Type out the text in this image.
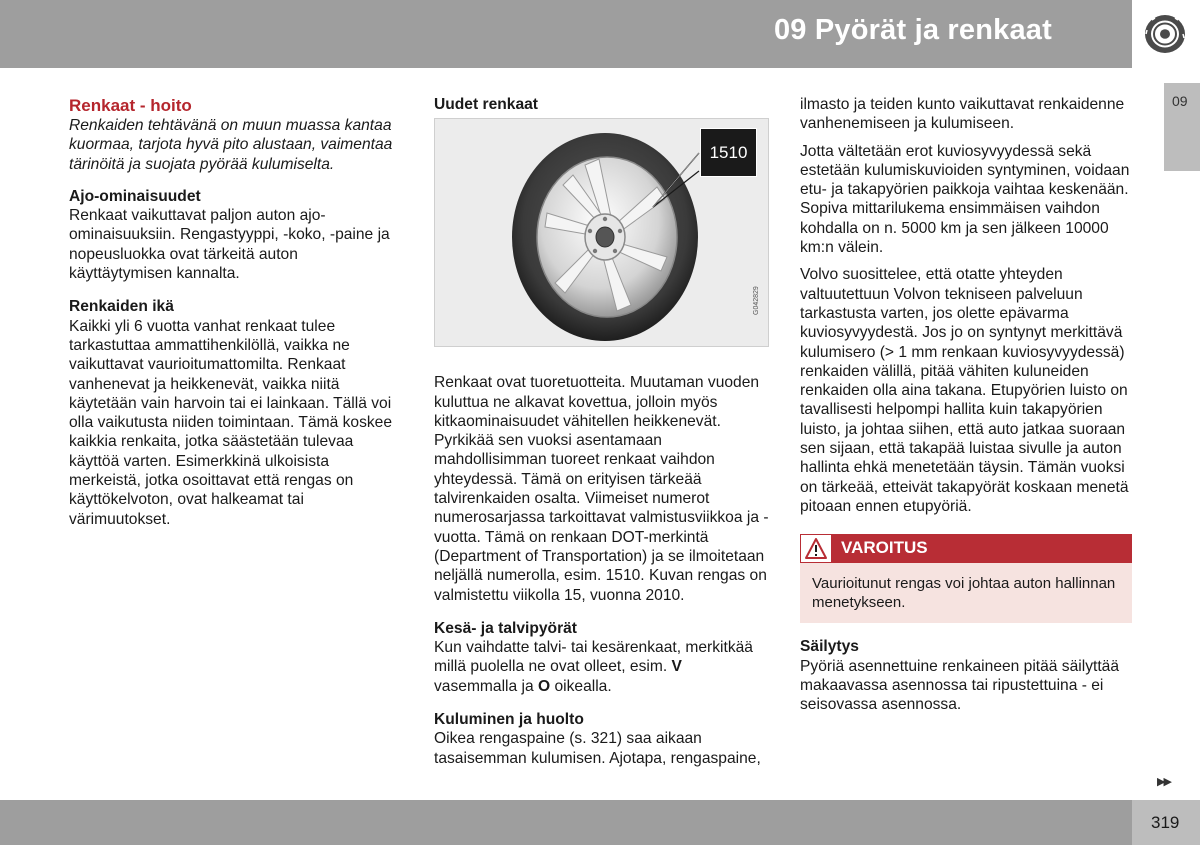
09 Pyörät ja renkaat
09
Renkaat - hoito

Renkaiden tehtävänä on muun muassa kantaa kuormaa, tarjota hyvä pito alustaan, vaimentaa tärinöitä ja suojata pyörää kulumiselta.

Ajo-ominaisuudet

Renkaat vaikuttavat paljon auton ajo-ominaisuuksiin. Rengastyyppi, -koko, -paine ja nopeusluokka ovat tärkeitä auton käyttäytymisen kannalta.

Renkaiden ikä

Kaikki yli 6 vuotta vanhat renkaat tulee tarkastuttaa ammattihenkilöllä, vaikka ne vaikuttavat vaurioitumattomilta. Renkaat vanhenevat ja heikkenevät, vaikka niitä käytetään vain harvoin tai ei lainkaan. Tällä voi olla vaikutusta niiden toimintaan. Tämä koskee kaikkia renkaita, jotka säästetään tulevaa käyttöä varten. Esimerkkinä ulkoisista merkeistä, jotka osoittavat että rengas on käyttökelvoton, ovat halkeamat tai värimuutokset.

Uudet renkaat
1510
G042829

Renkaat ovat tuoretuotteita. Muutaman vuoden kuluttua ne alkavat kovettua, jolloin myös kitkaominaisuudet vähitellen heikkenevät. Pyrkikää sen vuoksi asentamaan mahdollisimman tuoreet renkaat vaihdon yhteydessä. Tämä on erityisen tärkeää talvirenkaiden osalta. Viimeiset numerot numerosarjassa tarkoittavat valmistusviikkoa ja -vuotta. Tämä on renkaan DOT-merkintä (Department of Transportation) ja se ilmoitetaan neljällä numerolla, esim. 1510. Kuvan rengas on valmistettu viikolla 15, vuonna 2010.

Kesä- ja talvipyörät

Kun vaihdatte talvi- tai kesärenkaat, merkitkää millä puolella ne ovat olleet, esim. V vasemmalla ja O oikealla.

Kuluminen ja huolto

Oikea rengaspaine (s. 321) saa aikaan tasaisemman kulumisen. Ajotapa, rengaspaine,

ilmasto ja teiden kunto vaikuttavat renkaidenne vanhenemiseen ja kulumiseen.

Jotta vältetään erot kuviosyvyydessä sekä estetään kulumiskuvioiden syntyminen, voidaan etu- ja takapyörien paikkoja vaihtaa keskenään. Sopiva mittarilukema ensimmäisen vaihdon kohdalla on n. 5000 km ja sen jälkeen 10000 km:n välein.

Volvo suosittelee, että otatte yhteyden valtuutettuun Volvon tekniseen palveluun tarkastusta varten, jos olette epävarma kuviosyvyydestä. Jos jo on syntynyt merkittävä kulumisero (> 1 mm renkaan kuviosyvyydessä) renkaiden välillä, pitää vähiten kuluneiden renkaiden olla aina takana. Etupyörien luisto on tavallisesti helpompi hallita kuin takapyörien luisto, ja johtaa siihen, että auto jatkaa suoraan sen sijaan, että takapää luistaa sivulle ja auton hallinta ehkä menetetään täysin. Tämän vuoksi on tärkeää, etteivät takapyörät koskaan menetä pitoaan ennen etupyöriä.

VAROITUS
Vaurioitunut rengas voi johtaa auton hallinnan menetykseen.
Säilytys

Pyöriä asennettuine renkaineen pitää säilyttää makaavassa asennossa tai ripustettuina - ei seisovassa asennossa.

▶▶
319
